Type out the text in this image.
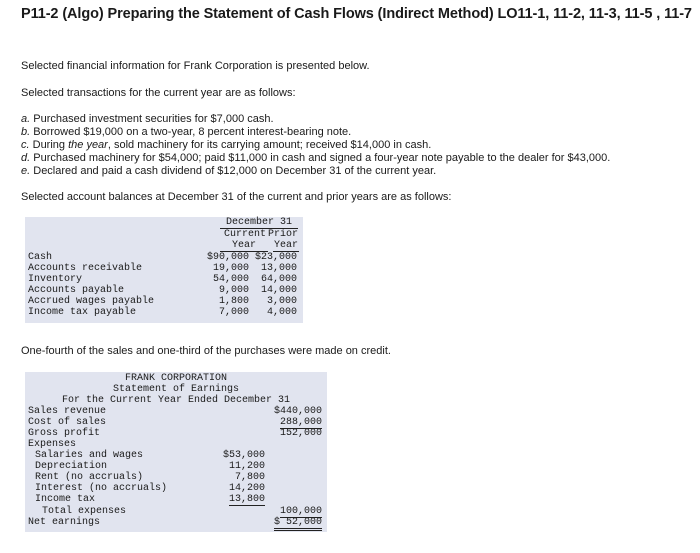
P11-2 (Algo) Preparing the Statement of Cash Flows (Indirect Method) LO11-1, 11-2, 11-3, 11-5 , 11-7
Selected financial information for Frank Corporation is presented below.
Selected transactions for the current year are as follows:
a. Purchased investment securities for $7,000 cash.
b. Borrowed $19,000 on a two-year, 8 percent interest-bearing note.
c. During the year, sold machinery for its carrying amount; received $14,000 in cash.
d. Purchased machinery for $54,000; paid $11,000 in cash and signed a four-year note payable to the dealer for $43,000.
e. Declared and paid a cash dividend of $12,000 on December 31 of the current year.
Selected account balances at December 31 of the current and prior years are as follows:
December 31
Current Prior
Year	Year
Cash	$90,000 $23,000
Accounts receivable	19,000 13,000
Inventory	54,000 64,000
Accounts payable	9,000 14,000
Accrued wages payable	1,800 3,000
Income tax payable	7,000 4,000
One-fourth of the sales and one-third of the purchases were made on credit.
FRANK CORPORATION
Statement of Earnings
For the Current Year Ended December 31
Sales revenue	$440,000
Cost of sales	288,000
Gross profit	152,000
Expenses
Salaries and wages	$53,000
Depreciation	11,200
Rent (no accruals)	7,800
Interest (no accruals)	14,200
Income tax	13,800
Total expenses	100,000
Net earnings	$ 52,000
